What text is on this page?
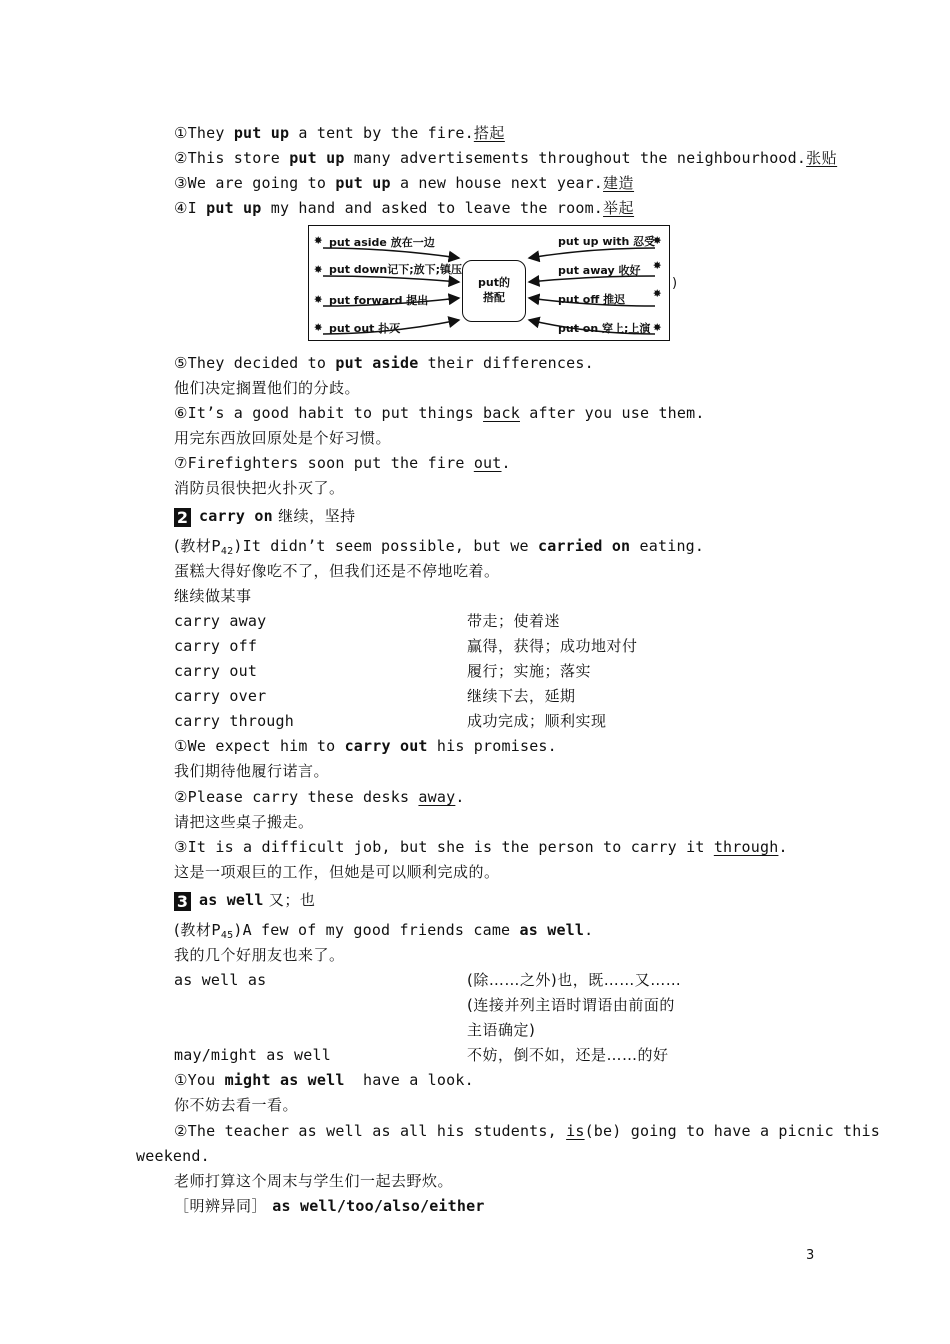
①They put up a tent by the fire.搭起
②This store put up many advertisements throughout the neighbourhood.张贴
③We are going to put up a new house next year.建造
④I put up my hand and asked to leave the room.举起
✸
✸
✸
✸
✸
✸
✸
✸
put aside 放在一边
put down记下;放下;镇压
put forward 提出
put out 扑灭
put up with 忍受
put away 收好
put off 推迟
put on 穿上;上演
put的
搭配
)
⑤They decided to put aside their differences.
他们决定搁置他们的分歧。
⑥It’s a good habit to put things back after you use them.
用完东西放回原处是个好习惯。
⑦Firefighters soon put the fire out.
消防员很快把火扑灭了。
2 carry on 继续，坚持
(教材$P_{42})It$ didn’t seem possible, but we carried on eating.
蛋糕大得好像吃不了，但我们还是不停地吃着。
继续做某事
carry away	带走；使着迷
carry off	赢得，获得；成功地对付
carry out	履行；实施；落实
carry over	继续下去，延期
carry through	成功完成；顺利实现
①We expect him to carry out his promises.
我们期待他履行诺言。
②Please carry these desks away.
请把这些桌子搬走。
③It is a difficult job, but she is the person to carry it through.
这是一项艰巨的工作，但她是可以顺利完成的。
3 as well 又；也
(教材$P_{45})A$ few of my good friends came as well.
我的几个好朋友也来了。
as well as	(除……之外)也，既……又……
(连接并列主语时谓语由前面的
主语确定)
may/might as well	不妨，倒不如，还是……的好
①You might as well  have a look.
你不妨去看一看。
②The teacher as well as all his students, is(be) going to have a picnic this
weekend.
老师打算这个周末与学生们一起去野炊。
［明辨异同］ as well/too/also/either
3
